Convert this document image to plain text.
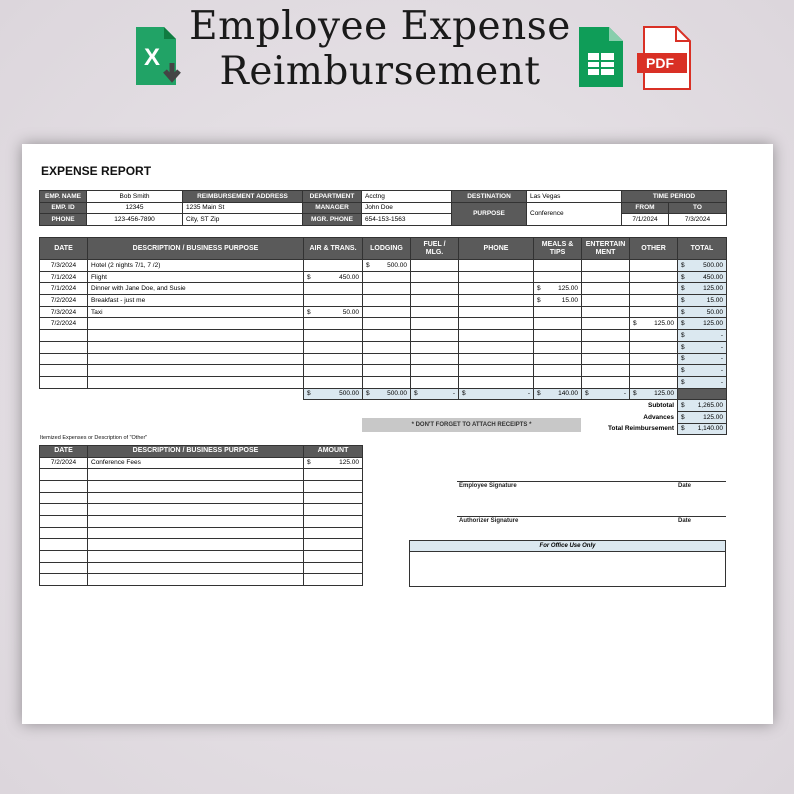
X
Employee Expense
Reimbursement	PDF
EXPENSE REPORT
EMP. NAME	Bob Smith	REIMBURSEMENT ADDRESS	DEPARTMENT	Acctng	DESTINATION	Las Vegas	TIME PERIOD	
EMP. ID	12345	1235 Main St	MANAGER	John Doe	PURPOSE	Conference	FROM	TO
PHONE	123-456-7890	City, ST Zip	MGR. PHONE	654-153-1563			7/1/2024	7/3/2024
DATE	DESCRIPTION / BUSINESS PURPOSE	AIR & TRANS.	LODGING	FUEL / MLG.	PHONE	MEALS & TIPS	ENTERTAIN MENT	OTHER	TOTAL
7/3/2024	Hotel (2 nights 7/1, 7 /2)		$ 500.00						$ 500.00

7/1/2024	Flight	$ 450.00							$ 450.00

7/1/2024	Dinner with Jane Doe, and Susie					$ 125.00			$ 125.00

7/2/2024	Breakfast - just me					$ 15.00			$ 15.00

7/3/2024	Taxi	$ 50.00							$ 50.00

7/2/2024								$ 125.00	$ 125.00

									$ -

									$ -

									$ -

									$ -

									$ -

		$ 500.00	$ 500.00	$ -	$ -	$ 140.00	$ -	$ 125.00	

								Subtotal	$ 1,265.00

								Advances	$ 125.00

							Total Reimbursement		$ 1,140.00
* DON'T FORGET TO ATTACH RECEIPTS *
Itemized Expenses or Description of "Other"
DATE	DESCRIPTION / BUSINESS PURPOSE	AMOUNT
7/2/2024	Conference Fees	$ 125.00

Employee Signature	Date
Authorizer Signature	Date
For Office Use Only
